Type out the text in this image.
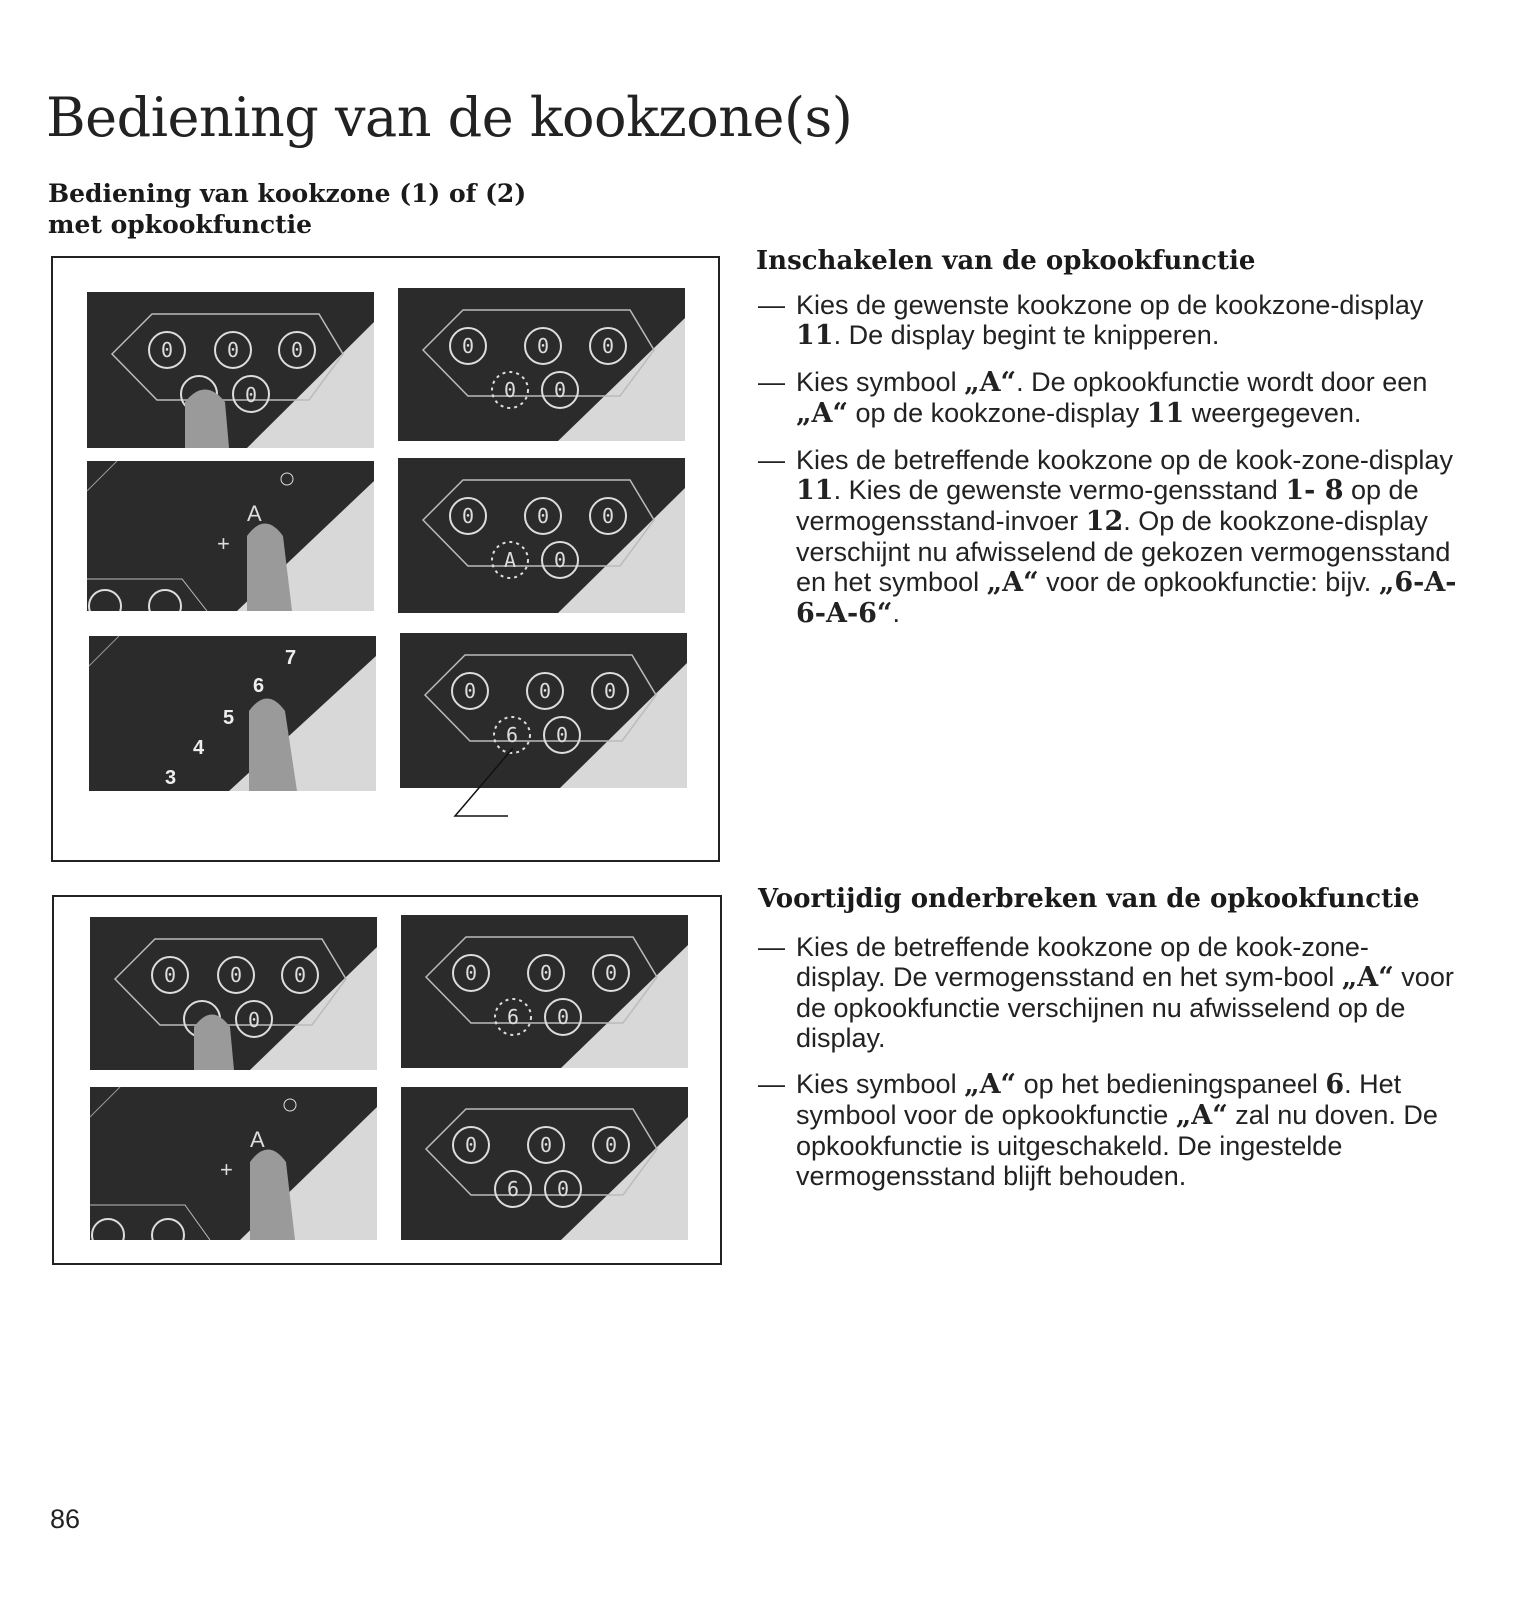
Bediening van de kookzone(s)
Bediening van kookzone (1) of (2)
met opkookfunctie
0	0	0
0
0	0	0
0 0
A
+
0	0	0
A 0
3
4
5
6
7
0	0	0
6 0
0	0	0
0
0	0	0
6 0
A
+
0	0	0
6 0
Inschakelen van de opkookfunctie
— Kies de gewenste kookzone op de kookzone-display 11. De display begint te knipperen.
— Kies symbool „A“. De opkookfunctie wordt door een „A“ op de kookzone-display 11 weergegeven.
— Kies de betreffende kookzone op de kook-zone-display 11. Kies de gewenste vermo-gensstand 1- 8 op de vermogensstand-invoer 12. Op de kookzone-display verschijnt nu afwisselend de gekozen vermogensstand en het symbool „A“ voor de opkookfunctie: bijv. „6-A-6-A-6“.
Voortijdig onderbreken van de opkookfunctie
— Kies de betreffende kookzone op de kook-zone-display. De vermogensstand en het sym-bool „A“ voor de opkookfunctie verschijnen nu afwisselend op de display.
— Kies symbool „A“ op het bedieningspaneel 6. Het symbool voor de opkookfunctie „A“ zal nu doven. De opkookfunctie is uitgeschakeld. De ingestelde vermogensstand blijft behouden.
86
